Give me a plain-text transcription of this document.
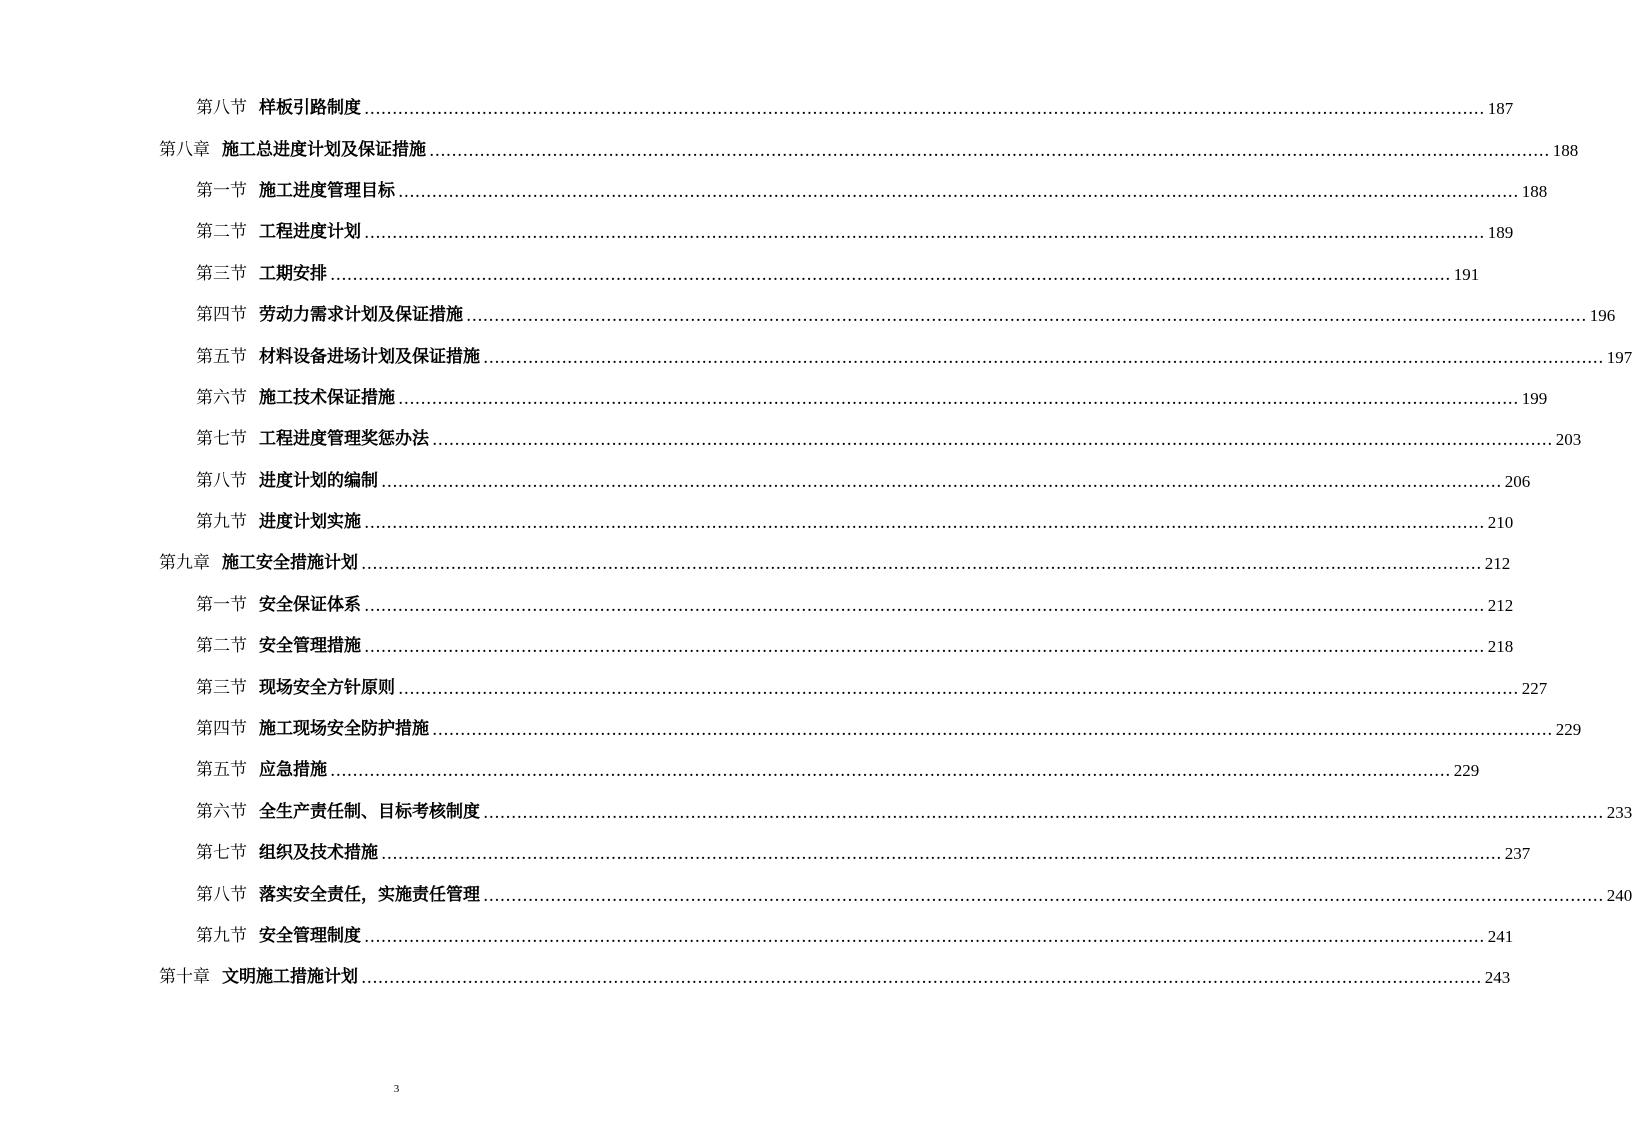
第八节 样板引路制度 ........................................................................................................................................................................................................ 187
第八章 施工总进度计划及保证措施 ........................................................................................................................................................................................................ 188
第一节 施工进度管理目标 ........................................................................................................................................................................................................ 188
第二节 工程进度计划 ........................................................................................................................................................................................................ 189
第三节 工期安排 ........................................................................................................................................................................................................ 191
第四节 劳动力需求计划及保证措施 ........................................................................................................................................................................................................ 196
第五节 材料设备进场计划及保证措施 ........................................................................................................................................................................................................ 197
第六节 施工技术保证措施 ........................................................................................................................................................................................................ 199
第七节 工程进度管理奖惩办法 ........................................................................................................................................................................................................ 203
第八节 进度计划的编制 ........................................................................................................................................................................................................ 206
第九节 进度计划实施 ........................................................................................................................................................................................................ 210
第九章 施工安全措施计划 ........................................................................................................................................................................................................ 212
第一节 安全保证体系 ........................................................................................................................................................................................................ 212
第二节 安全管理措施 ........................................................................................................................................................................................................ 218
第三节 现场安全方针原则 ........................................................................................................................................................................................................ 227
第四节 施工现场安全防护措施 ........................................................................................................................................................................................................ 229
第五节 应急措施 ........................................................................................................................................................................................................ 229
第六节 全生产责任制、目标考核制度 ........................................................................................................................................................................................................ 233
第七节 组织及技术措施 ........................................................................................................................................................................................................ 237
第八节 落实安全责任，实施责任管理 ........................................................................................................................................................................................................ 240
第九节 安全管理制度 ........................................................................................................................................................................................................ 241
第十章 文明施工措施计划 ........................................................................................................................................................................................................ 243
3
